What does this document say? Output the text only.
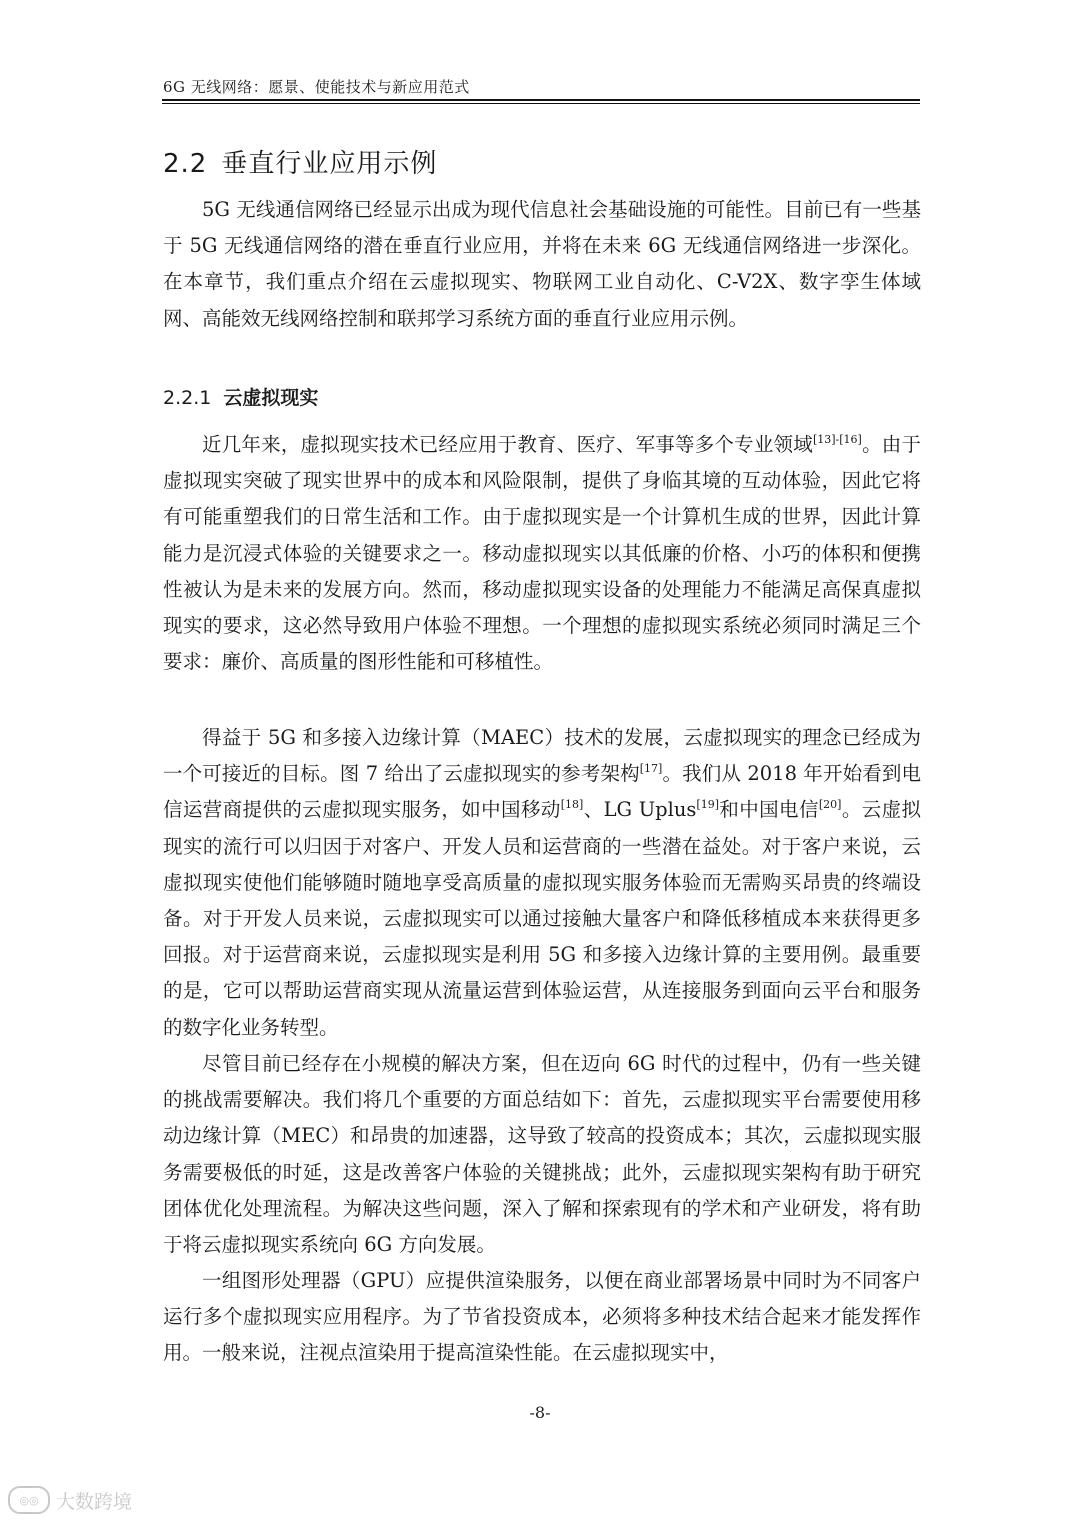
6G 无线网络：愿景、使能技术与新应用范式
2.2 垂直行业应用示例

5G 无线通信网络已经显示出成为现代信息社会基础设施的可能性。目前已有一些基于 5G 无线通信网络的潜在垂直行业应用，并将在未来 6G 无线通信网络进一步深化。在本章节，我们重点介绍在云虚拟现实、物联网工业自动化、C-V2X、数字孪生体域网、高能效无线网络控制和联邦学习系统方面的垂直行业应用示例。

2.2.1 云虚拟现实

近几年来，虚拟现实技术已经应用于教育、医疗、军事等多个专业领域[13]-[16]。由于虚拟现实突破了现实世界中的成本和风险限制，提供了身临其境的互动体验，因此它将有可能重塑我们的日常生活和工作。由于虚拟现实是一个计算机生成的世界，因此计算能力是沉浸式体验的关键要求之一。移动虚拟现实以其低廉的价格、小巧的体积和便携性被认为是未来的发展方向。然而，移动虚拟现实设备的处理能力不能满足高保真虚拟现实的要求，这必然导致用户体验不理想。一个理想的虚拟现实系统必须同时满足三个要求：廉价、高质量的图形性能和可移植性。

得益于 5G 和多接入边缘计算（MAEC）技术的发展，云虚拟现实的理念已经成为一个可接近的目标。图 7 给出了云虚拟现实的参考架构[17]。我们从 2018 年开始看到电信运营商提供的云虚拟现实服务，如中国移动[18]、LG Uplus[19]和中国电信[20]。云虚拟现实的流行可以归因于对客户、开发人员和运营商的一些潜在益处。对于客户来说，云虚拟现实使他们能够随时随地享受高质量的虚拟现实服务体验而无需购买昂贵的终端设备。对于开发人员来说，云虚拟现实可以通过接触大量客户和降低移植成本来获得更多回报。对于运营商来说，云虚拟现实是利用 5G 和多接入边缘计算的主要用例。最重要的是，它可以帮助运营商实现从流量运营到体验运营，从连接服务到面向云平台和服务的数字化业务转型。

尽管目前已经存在小规模的解决方案，但在迈向 6G 时代的过程中，仍有一些关键的挑战需要解决。我们将几个重要的方面总结如下：首先，云虚拟现实平台需要使用移动边缘计算（MEC）和昂贵的加速器，这导致了较高的投资成本；其次，云虚拟现实服务需要极低的时延，这是改善客户体验的关键挑战；此外，云虚拟现实架构有助于研究团体优化处理流程。为解决这些问题，深入了解和探索现有的学术和产业研发，将有助于将云虚拟现实系统向 6G 方向发展。

一组图形处理器（GPU）应提供渲染服务，以便在商业部署场景中同时为不同客户运行多个虚拟现实应用程序。为了节省投资成本，必须将多种技术结合起来才能发挥作用。一般来说，注视点渲染用于提高渲染性能。在云虚拟现实中，

-8-
◎◎ 大数跨境
